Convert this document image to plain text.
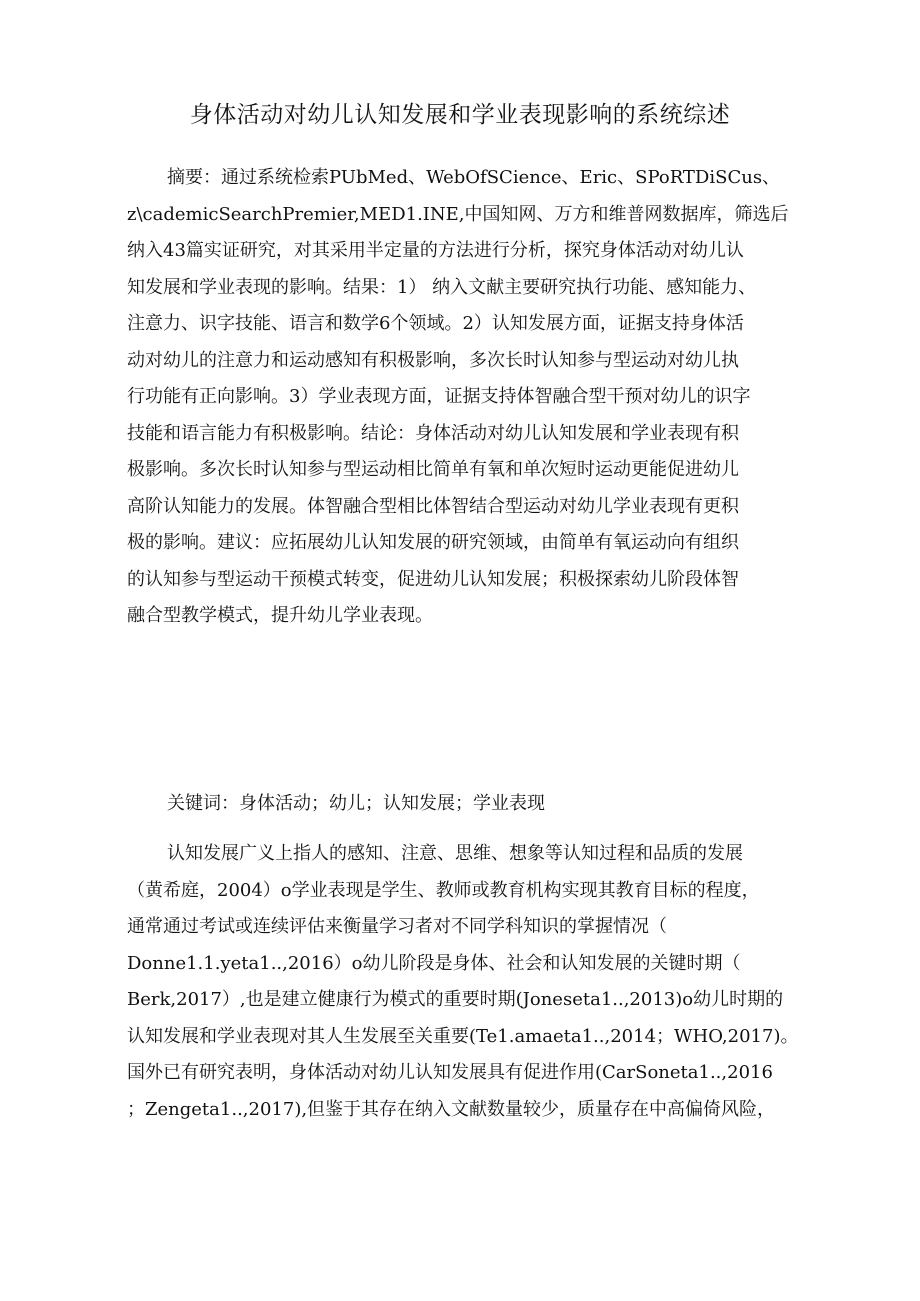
身体活动对幼儿认知发展和学业表现影响的系统综述
摘要：通过系统检索PUbMed、WebOfSCience、Eric、SPoRTDiSCus、
z\cademicSearchPremier,MED1.INE,中国知网、万方和维普网数据库，筛选后
纳入43篇实证研究，对其采用半定量的方法进行分析，探究身体活动对幼儿认
知发展和学业表现的影响。结果：1） 纳入文献主要研究执行功能、感知能力、
注意力、识字技能、语言和数学6个领域。2）认知发展方面，证据支持身体活
动对幼儿的注意力和运动感知有积极影响，多次长时认知参与型运动对幼儿执
行功能有正向影响。3）学业表现方面，证据支持体智融合型干预对幼儿的识字
技能和语言能力有积极影响。结论：身体活动对幼儿认知发展和学业表现有积
极影响。多次长时认知参与型运动相比简单有氧和单次短时运动更能促进幼儿
高阶认知能力的发展。体智融合型相比体智结合型运动对幼儿学业表现有更积
极的影响。建议：应拓展幼儿认知发展的研究领域，由简单有氧运动向有组织
的认知参与型运动干预模式转变，促进幼儿认知发展；积极探索幼儿阶段体智
融合型教学模式，提升幼儿学业表现。
关键词：身体活动；幼儿；认知发展；学业表现
认知发展广义上指人的感知、注意、思维、想象等认知过程和品质的发展
（黄希庭，2004）o学业表现是学生、教师或教育机构实现其教育目标的程度，
通常通过考试或连续评估来衡量学习者对不同学科知识的掌握情况（
Donne1.1.yeta1..,2016）o幼儿阶段是身体、社会和认知发展的关键时期（
Berk,2017）,也是建立健康行为模式的重要时期(Joneseta1..,2013)o幼儿时期的
认知发展和学业表现对其人生发展至关重要(Te1.amaeta1..,2014；WHO,2017)。
国外已有研究表明，身体活动对幼儿认知发展具有促进作用(CarSoneta1..,2016
；Zengeta1..,2017),但鉴于其存在纳入文献数量较少，质量存在中高偏倚风险，
